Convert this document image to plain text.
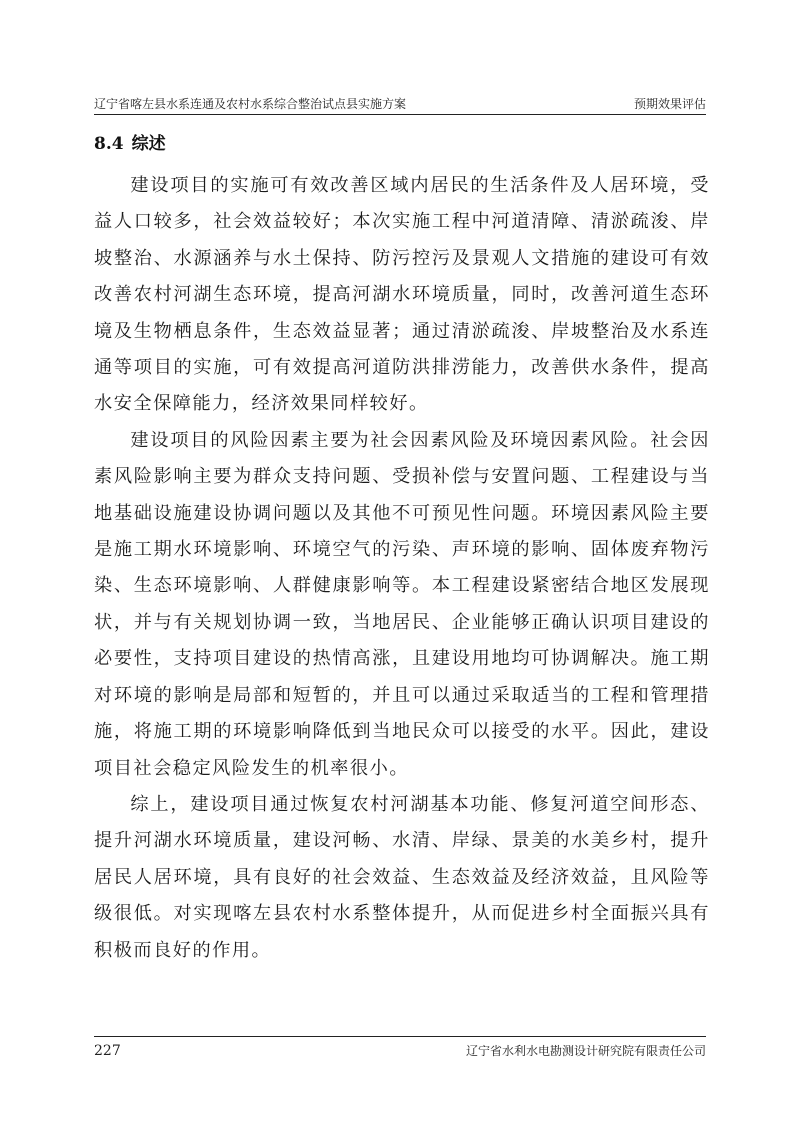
辽宁省喀左县水系连通及农村水系综合整治试点县实施方案	预期效果评估
8.4 综述

建设项目的实施可有效改善区域内居民的生活条件及人居环境，受益人口较多，社会效益较好；本次实施工程中河道清障、清淤疏浚、岸坡整治、水源涵养与水土保持、防污控污及景观人文措施的建设可有效改善农村河湖生态环境，提高河湖水环境质量，同时，改善河道生态环境及生物栖息条件，生态效益显著；通过清淤疏浚、岸坡整治及水系连通等项目的实施，可有效提高河道防洪排涝能力，改善供水条件，提高水安全保障能力，经济效果同样较好。

建设项目的风险因素主要为社会因素风险及环境因素风险。社会因素风险影响主要为群众支持问题、受损补偿与安置问题、工程建设与当地基础设施建设协调问题以及其他不可预见性问题。环境因素风险主要是施工期水环境影响、环境空气的污染、声环境的影响、固体废弃物污染、生态环境影响、人群健康影响等。本工程建设紧密结合地区发展现状，并与有关规划协调一致，当地居民、企业能够正确认识项目建设的必要性，支持项目建设的热情高涨，且建设用地均可协调解决。施工期对环境的影响是局部和短暂的，并且可以通过采取适当的工程和管理措施，将施工期的环境影响降低到当地民众可以接受的水平。因此，建设项目社会稳定风险发生的机率很小。

综上，建设项目通过恢复农村河湖基本功能、修复河道空间形态、提升河湖水环境质量，建设河畅、水清、岸绿、景美的水美乡村，提升居民人居环境，具有良好的社会效益、生态效益及经济效益，且风险等级很低。对实现喀左县农村水系整体提升，从而促进乡村全面振兴具有积极而良好的作用。

227	辽宁省水利水电勘测设计研究院有限责任公司
